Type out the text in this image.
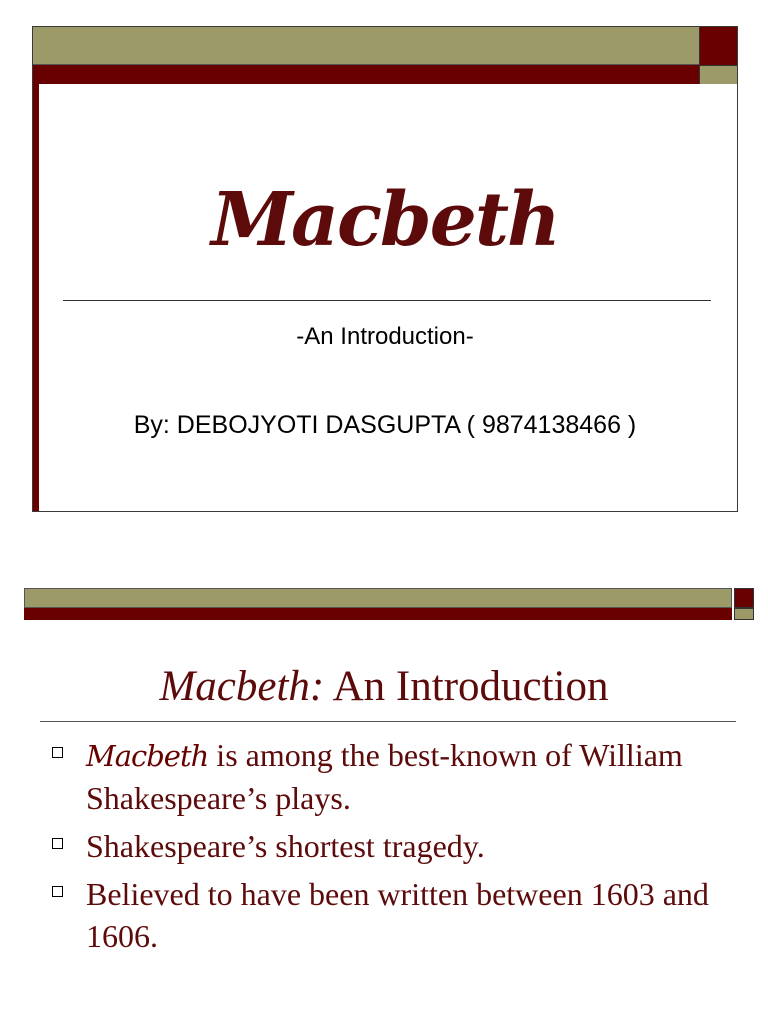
Macbeth
-An Introduction-
By: DEBOJYOTI DASGUPTA ( 9874138466 )
Macbeth: An Introduction
Macbeth is among the best-known of William Shakespeare’s plays.
Shakespeare’s shortest tragedy.
Believed to have been written between 1603 and 1606.
